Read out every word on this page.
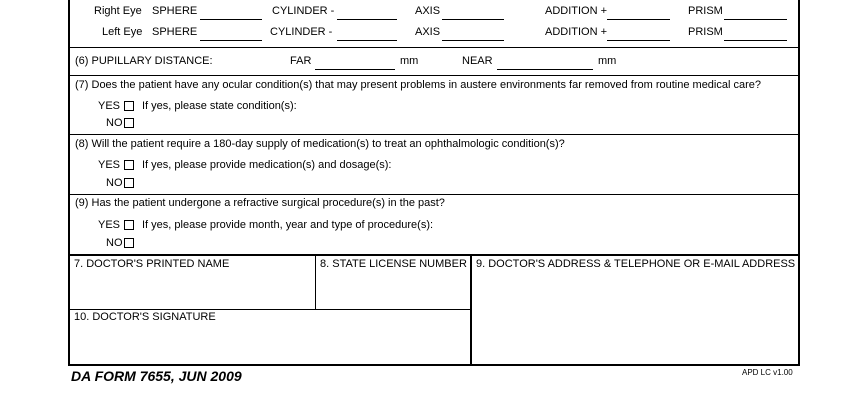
Right Eye SPHERE	CYLINDER -	AXIS	ADDITION +	PRISM
Left Eye SPHERE	CYLINDER -	AXIS	ADDITION +	PRISM
(6) PUPILLARY DISTANCE:	FAR	mm	NEAR	mm
(7) Does the patient have any ocular condition(s) that may present problems in austere environments far removed from routine medical care?
YES If yes, please state condition(s):
NO
(8) Will the patient require a 180-day supply of medication(s) to treat an ophthalmologic condition(s)?
YES If yes, please provide medication(s) and dosage(s):
NO
(9) Has the patient undergone a refractive surgical procedure(s) in the past?
YES If yes, please provide month, year and type of procedure(s):
NO
7. DOCTOR'S PRINTED NAME	8. STATE LICENSE NUMBER 9. DOCTOR'S ADDRESS & TELEPHONE OR E-MAIL ADDRESS
10. DOCTOR'S SIGNATURE
DA FORM 7655, JUN 2009	APD LC v1.00
